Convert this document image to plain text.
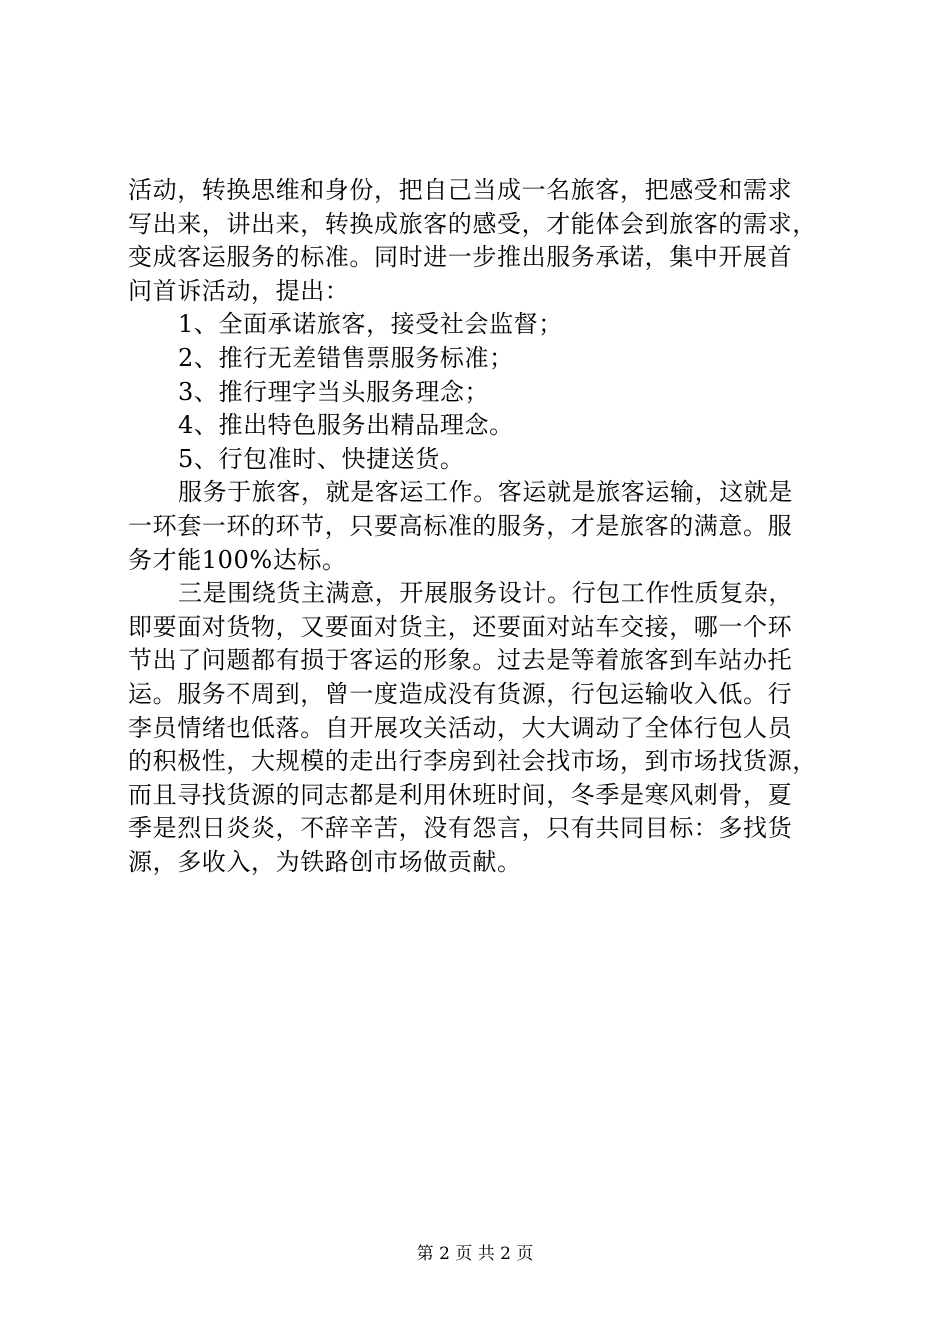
活动，转换思维和身份，把自己当成一名旅客，把感受和需求
写出来，讲出来，转换成旅客的感受，才能体会到旅客的需求，
变成客运服务的标准。同时进一步推出服务承诺，集中开展首
问首诉活动，提出：
1、全面承诺旅客，接受社会监督；
2、推行无差错售票服务标准；
3、推行理字当头服务理念；
4、推出特色服务出精品理念。
5、行包准时、快捷送货。
服务于旅客，就是客运工作。客运就是旅客运输，这就是
一环套一环的环节，只要高标准的服务，才是旅客的满意。服
务才能100%达标。
三是围绕货主满意，开展服务设计。行包工作性质复杂，
即要面对货物，又要面对货主，还要面对站车交接，哪一个环
节出了问题都有损于客运的形象。过去是等着旅客到车站办托
运。服务不周到，曾一度造成没有货源，行包运输收入低。行
李员情绪也低落。自开展攻关活动，大大调动了全体行包人员
的积极性，大规模的走出行李房到社会找市场，到市场找货源，
而且寻找货源的同志都是利用休班时间，冬季是寒风刺骨，夏
季是烈日炎炎，不辞辛苦，没有怨言，只有共同目标：多找货
源，多收入，为铁路创市场做贡献。
第 2 页 共 2 页
